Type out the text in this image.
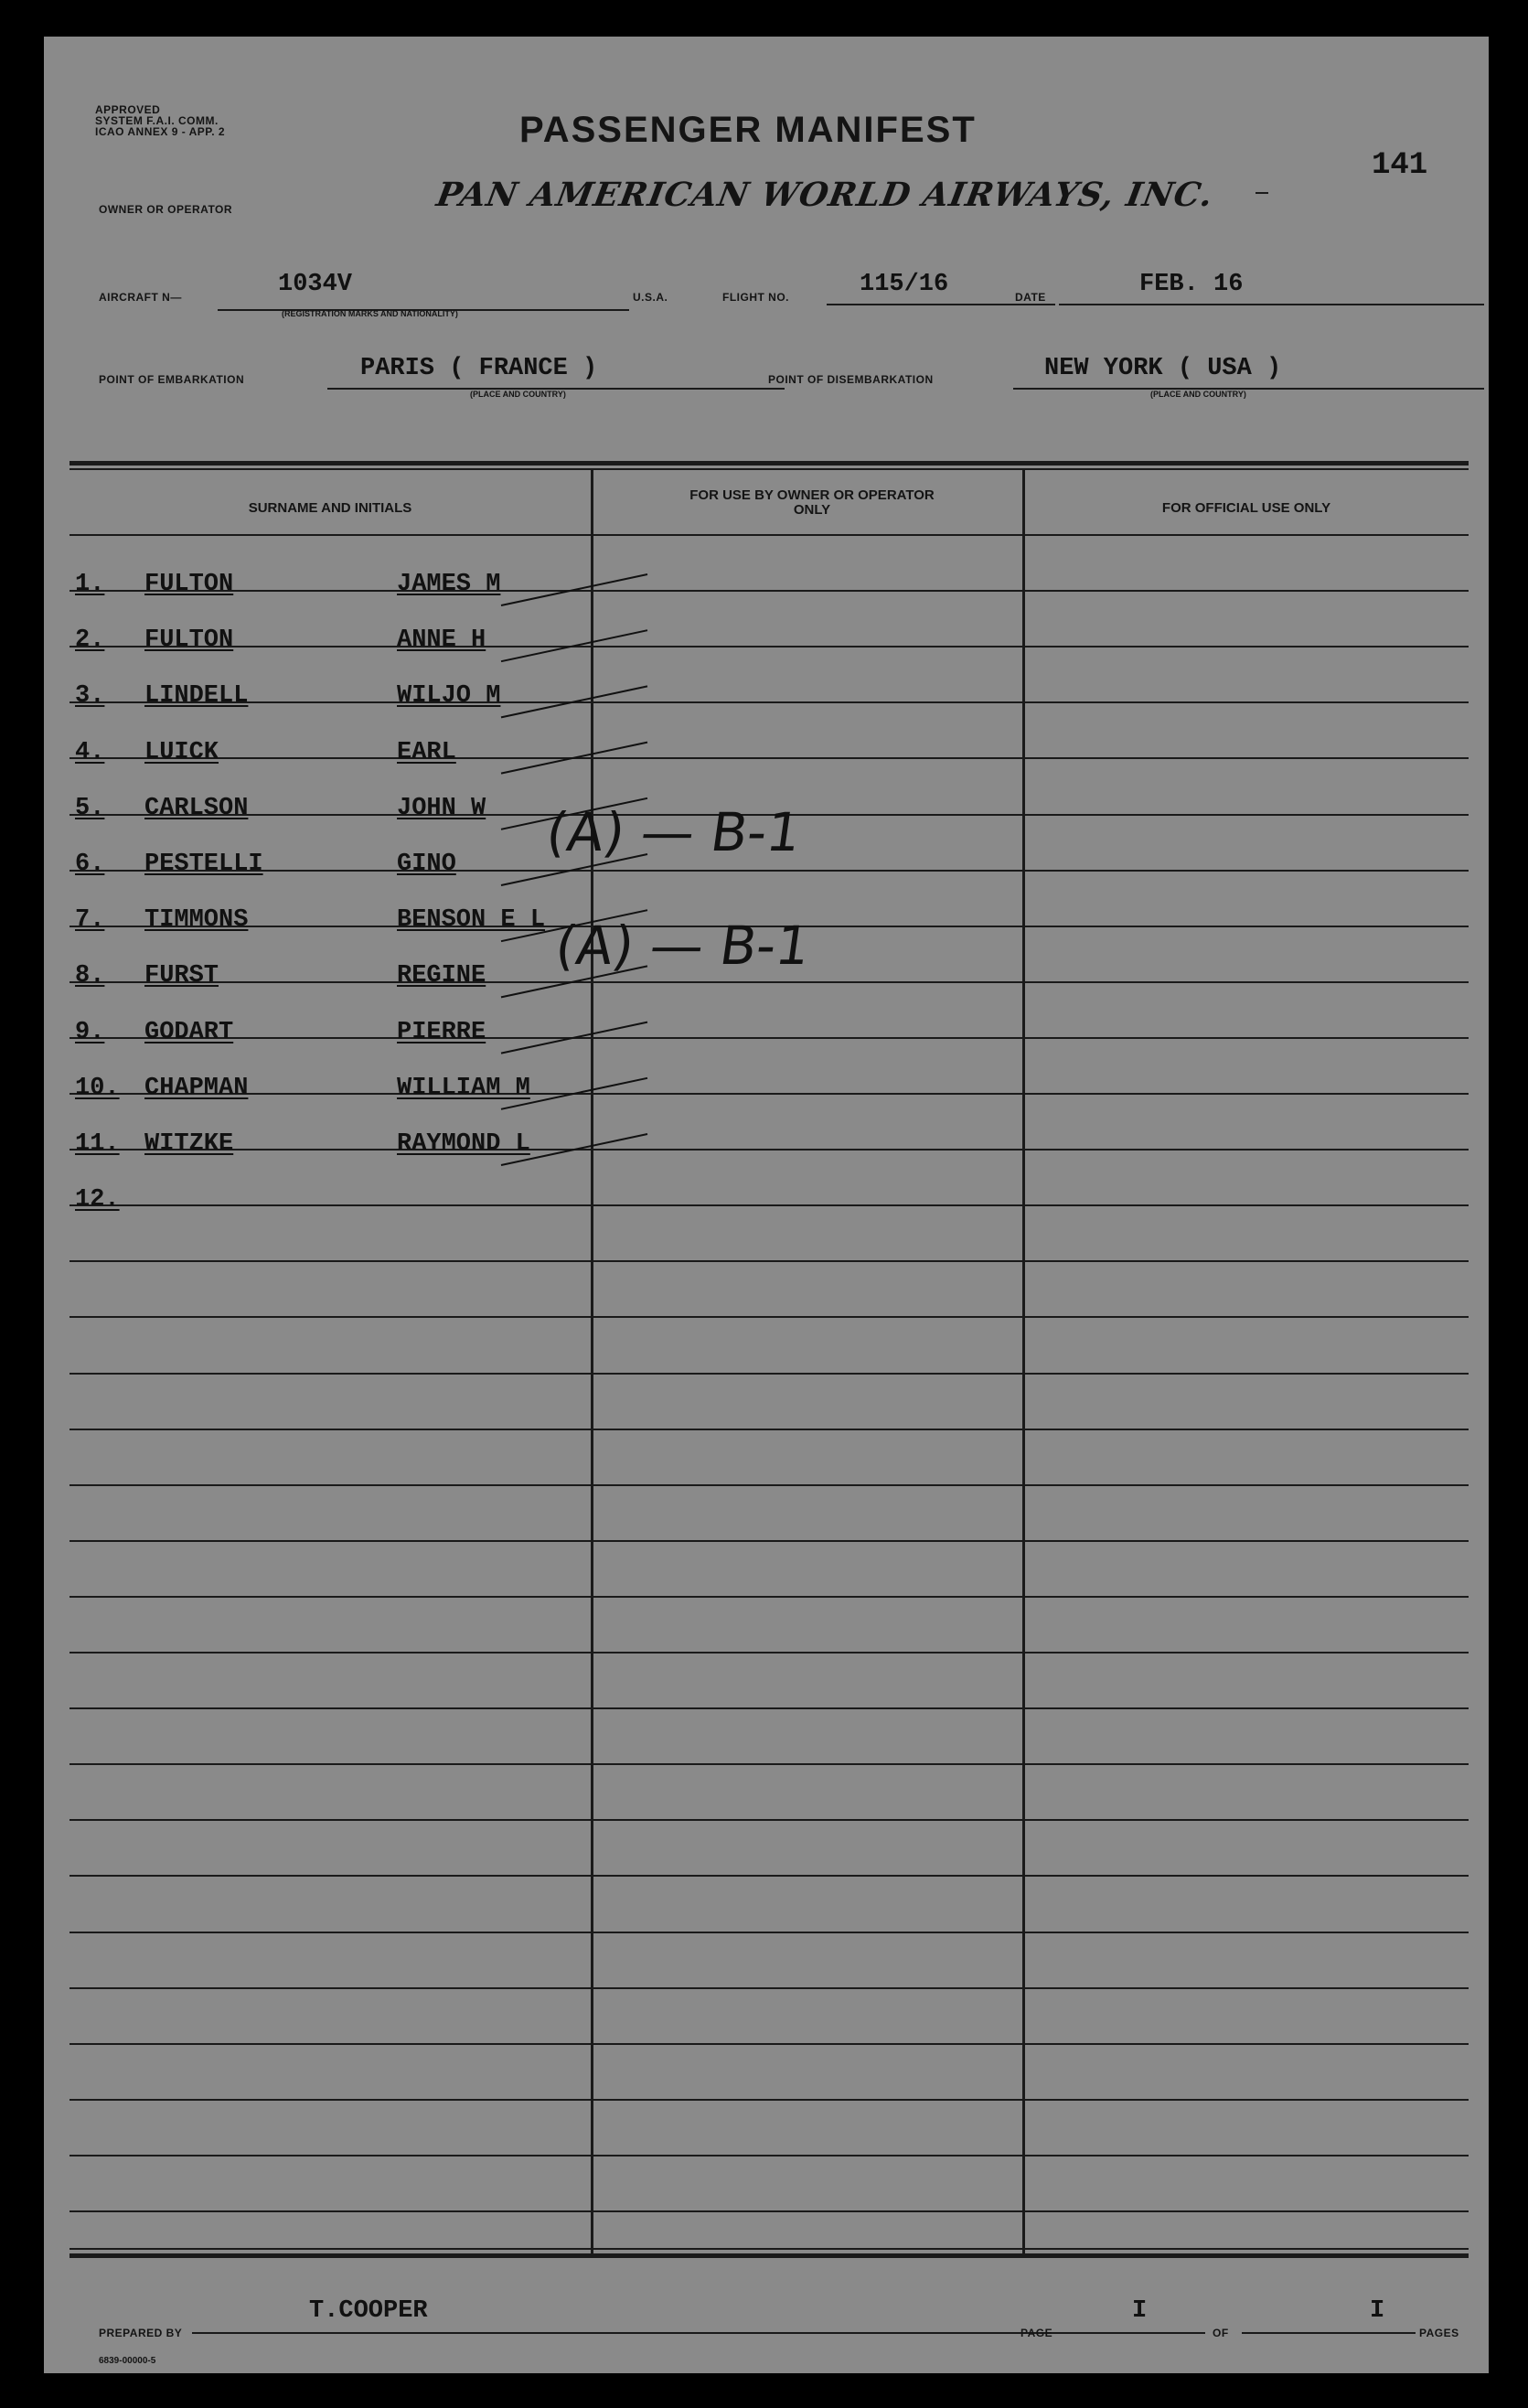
APPROVED
SYSTEM F.A.I. COMM.
ICAO ANNEX 9 - APP. 2	PASSENGER MANIFEST
141
OWNER OR OPERATOR	PAN AMERICAN WORLD AIRWAYS, INC.
AIRCRAFT N—	1034V
(REGISTRATION MARKS AND NATIONALITY)
U.S.A.	FLIGHT NO.	115/16	DATE	FEB. 16
POINT OF EMBARKATION	PARIS ( FRANCE )
(PLACE AND COUNTRY)
POINT OF DISEMBARKATION	NEW YORK ( USA )
(PLACE AND COUNTRY)
SURNAME AND INITIALS
FOR USE BY OWNER OR OPERATOR ONLY	FOR OFFICIAL USE ONLY
1. FULTON	JAMES M
2. FULTON	ANNE H
3. LINDELL	WILJO M
4. LUICK	EARL
5. CARLSON	JOHN W
6. PESTELLI	GINO
7. TIMMONS	BENSON E L
8. FURST	REGINE
9. GODART	PIERRE
10. CHAPMAN	WILLIAM M
11. WITZKE	RAYMOND L
12.
(A) — B-1
(A) — B-1
T.COOPER
PREPARED BY
I
PAGE	OF
I
PAGES
6839-00000-5
